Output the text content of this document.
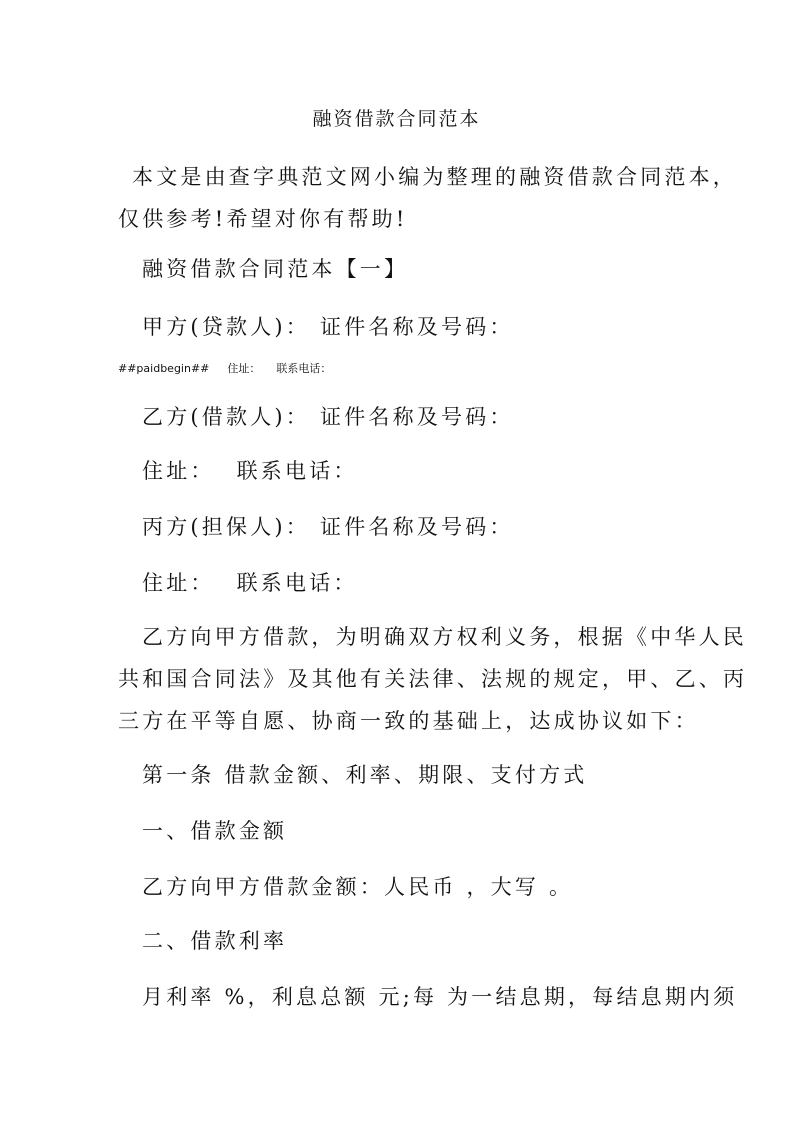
融资借款合同范本
本文是由查字典范文网小编为整理的融资借款合同范本，
仅供参考!希望对你有帮助!
融资借款合同范本【一】
甲方(贷款人)： 证件名称及号码：
##paidbegin## 住址： 联系电话：
乙方(借款人)： 证件名称及号码：
住址： 联系电话：
丙方(担保人)： 证件名称及号码：
住址： 联系电话：
乙方向甲方借款，为明确双方权利义务，根据《中华人民
共和国合同法》及其他有关法律、法规的规定，甲、乙、丙
三方在平等自愿、协商一致的基础上，达成协议如下：
第一条 借款金额、利率、期限、支付方式
一、借款金额
乙方向甲方借款金额：人民币 ，大写 。
二、借款利率
月利率 %，利息总额 元;每 为一结息期，每结息期内须
